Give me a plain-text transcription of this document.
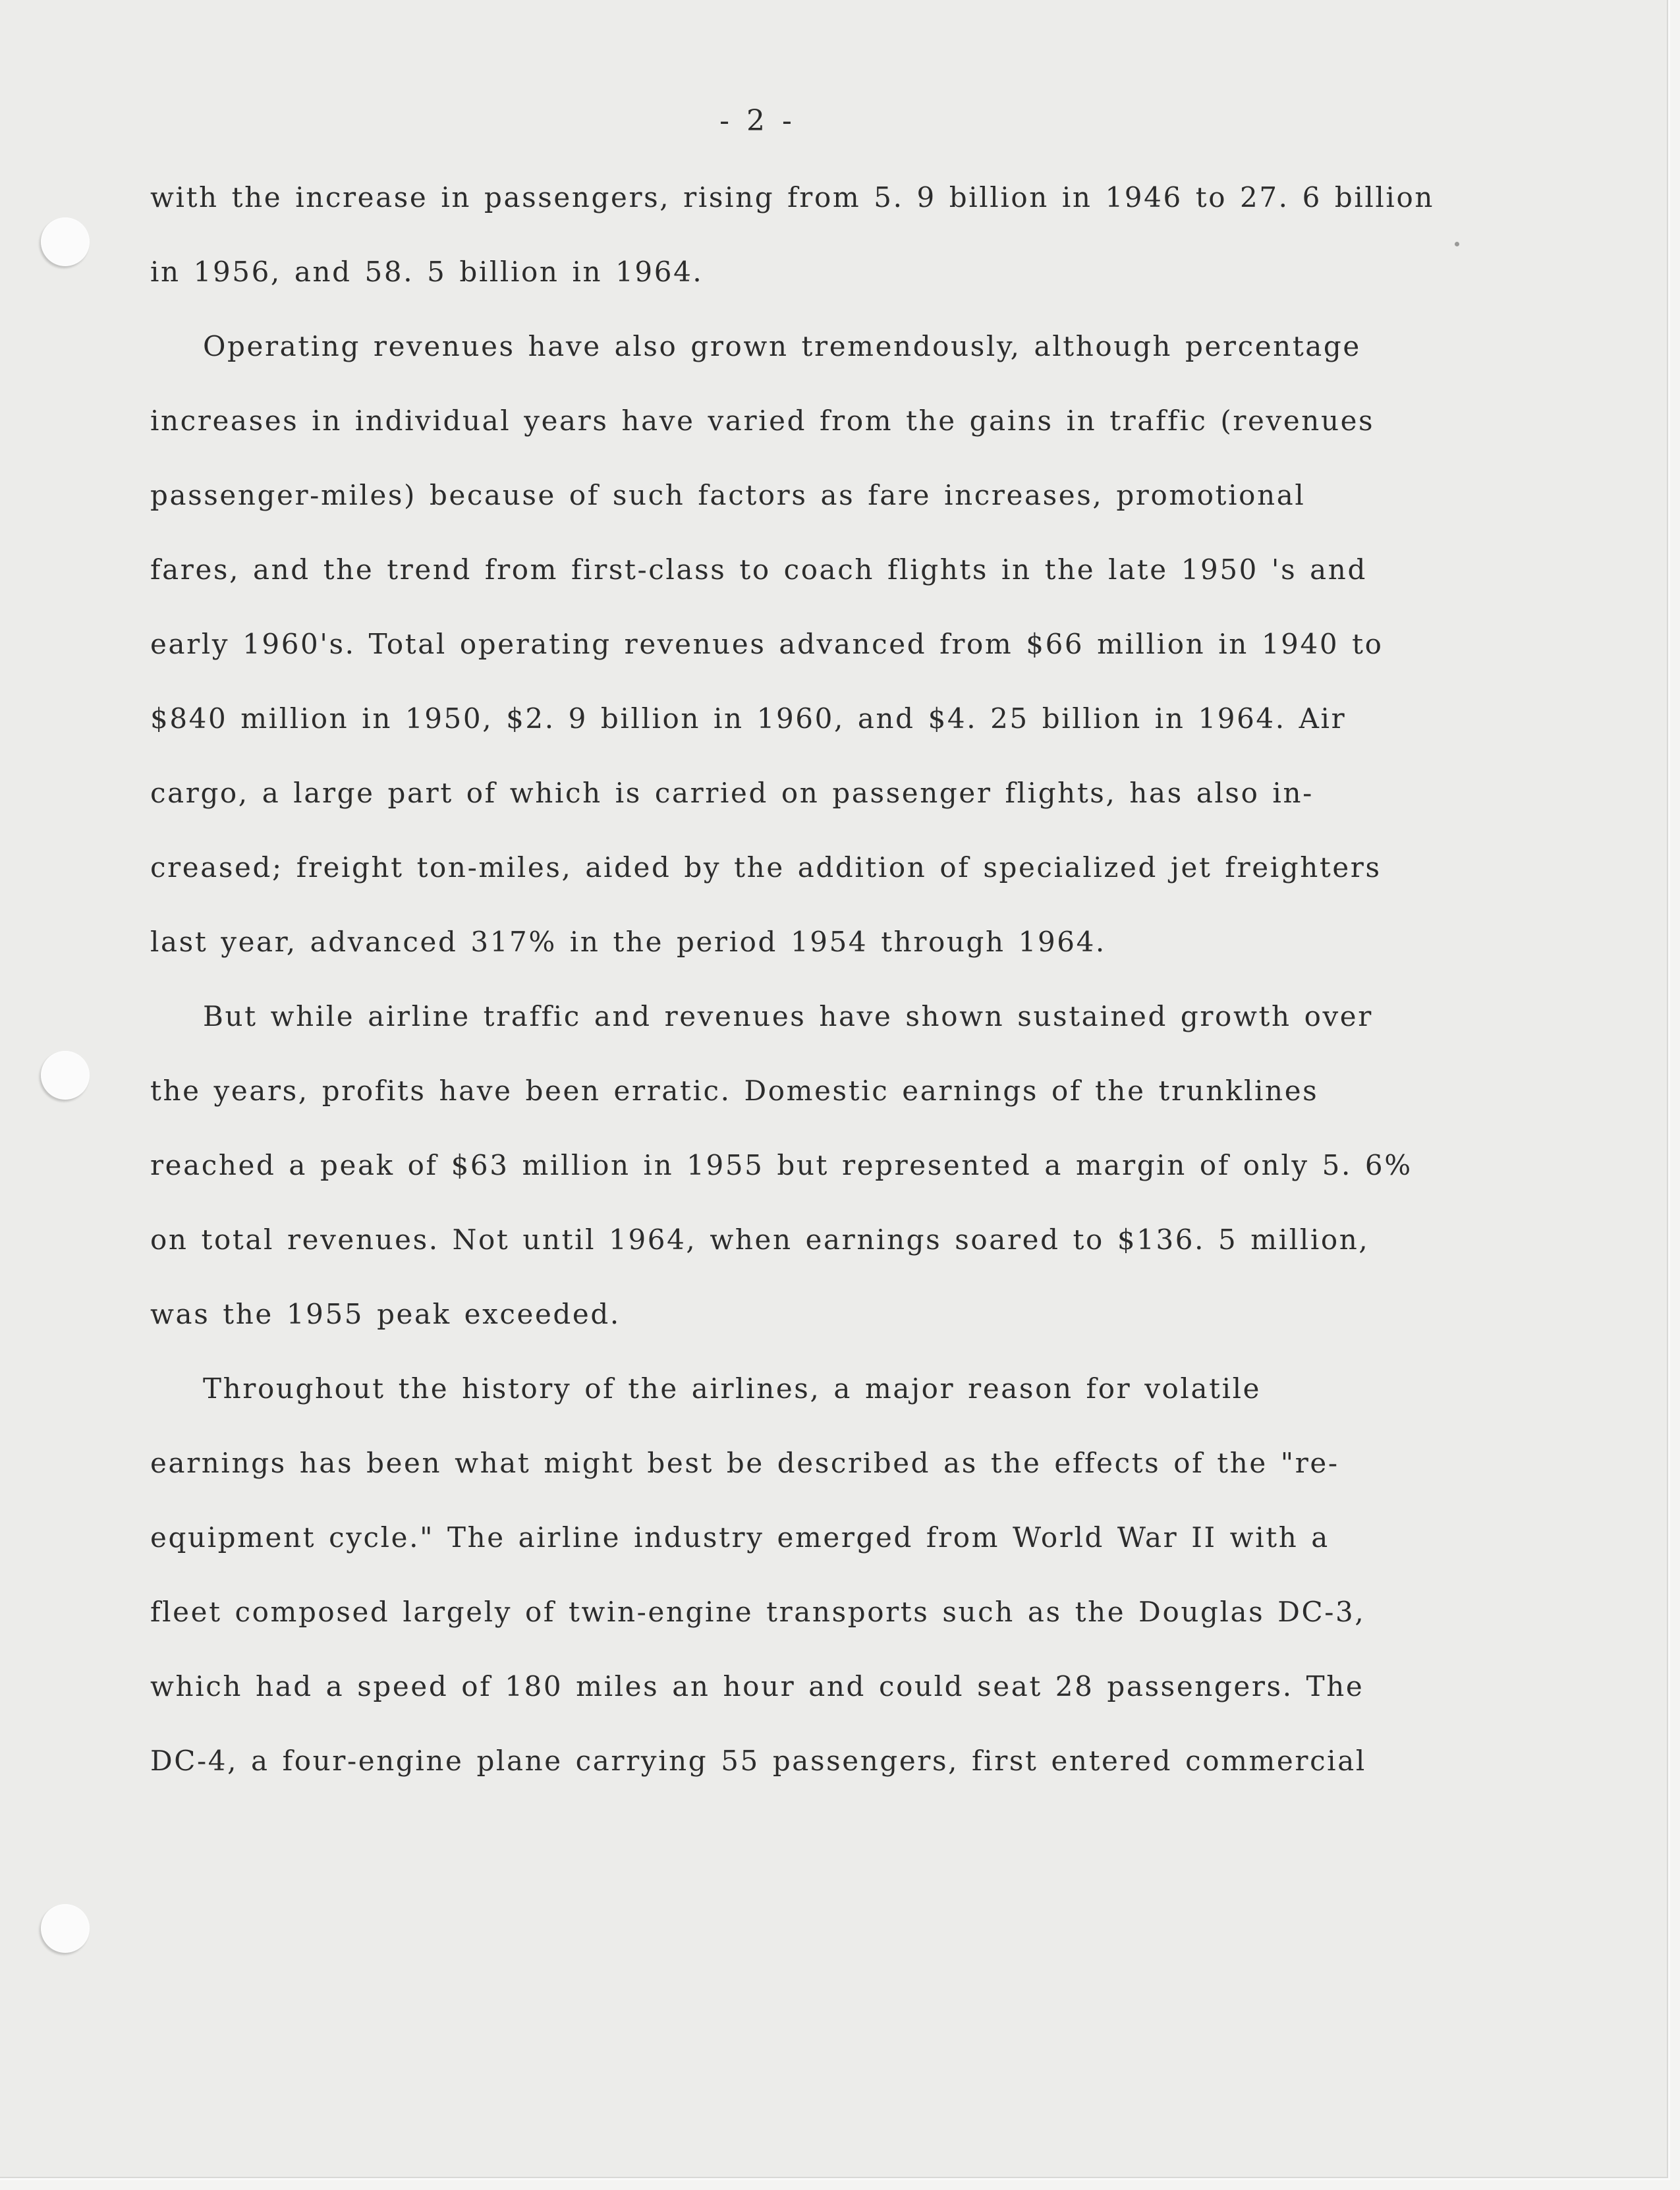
- 2 -
with the increase in passengers, rising from 5. 9 billion in 1946 to 27. 6 billion
in 1956, and 58. 5 billion in 1964.
Operating revenues have also grown tremendously, although percentage
increases in individual years have varied from the gains in traffic (revenues
passenger-miles) because of such factors as fare increases, promotional
fares, and the trend from first-class to coach flights in the late 1950 's and
early 1960's. Total operating revenues advanced from $66 million in 1940 to
$840 million in 1950, $2. 9 billion in 1960, and $4. 25 billion in 1964. Air
cargo, a large part of which is carried on passenger flights, has also in-
creased; freight ton-miles, aided by the addition of specialized jet freighters
last year, advanced 317% in the period 1954 through 1964.
But while airline traffic and revenues have shown sustained growth over
the years, profits have been erratic. Domestic earnings of the trunklines
reached a peak of $63 million in 1955 but represented a margin of only 5. 6%
on total revenues. Not until 1964, when earnings soared to $136. 5 million,
was the 1955 peak exceeded.
Throughout the history of the airlines, a major reason for volatile
earnings has been what might best be described as the effects of the "re-
equipment cycle." The airline industry emerged from World War II with a
fleet composed largely of twin-engine transports such as the Douglas DC-3,
which had a speed of 180 miles an hour and could seat 28 passengers. The
DC-4, a four-engine plane carrying 55 passengers, first entered commercial
